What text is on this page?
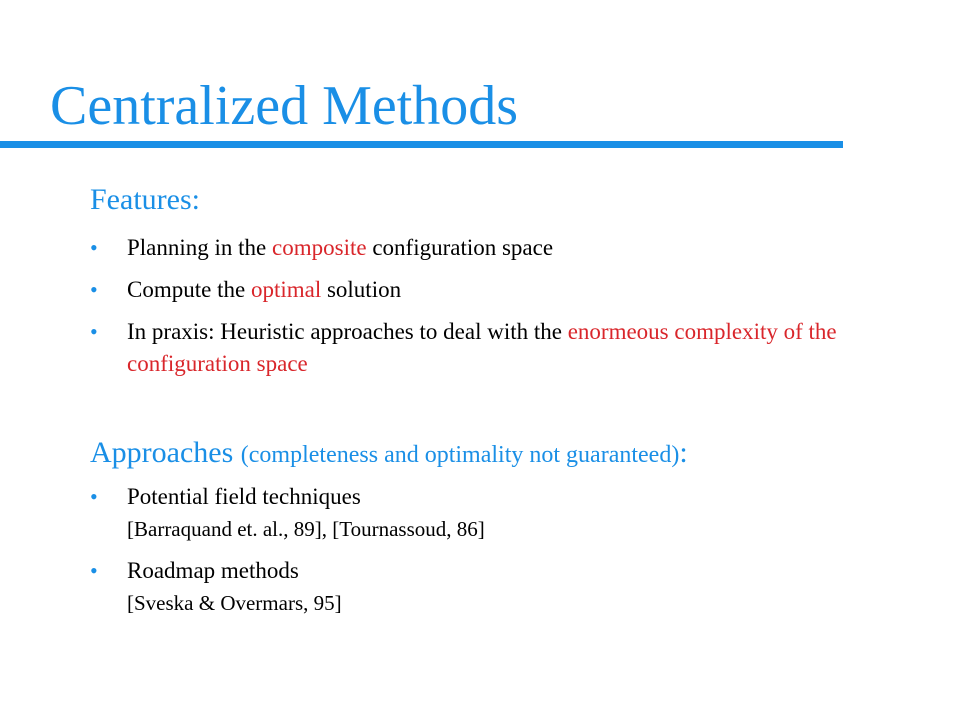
Centralized Methods
Features:
• Planning in the composite configuration space
• Compute the optimal solution
• In praxis: Heuristic approaches to deal with the enormeous complexity of the configuration space
Approaches (completeness and optimality not guaranteed):
• Potential field techniques
[Barraquand et. al., 89], [Tournassoud, 86]
• Roadmap methods
[Sveska & Overmars, 95]
